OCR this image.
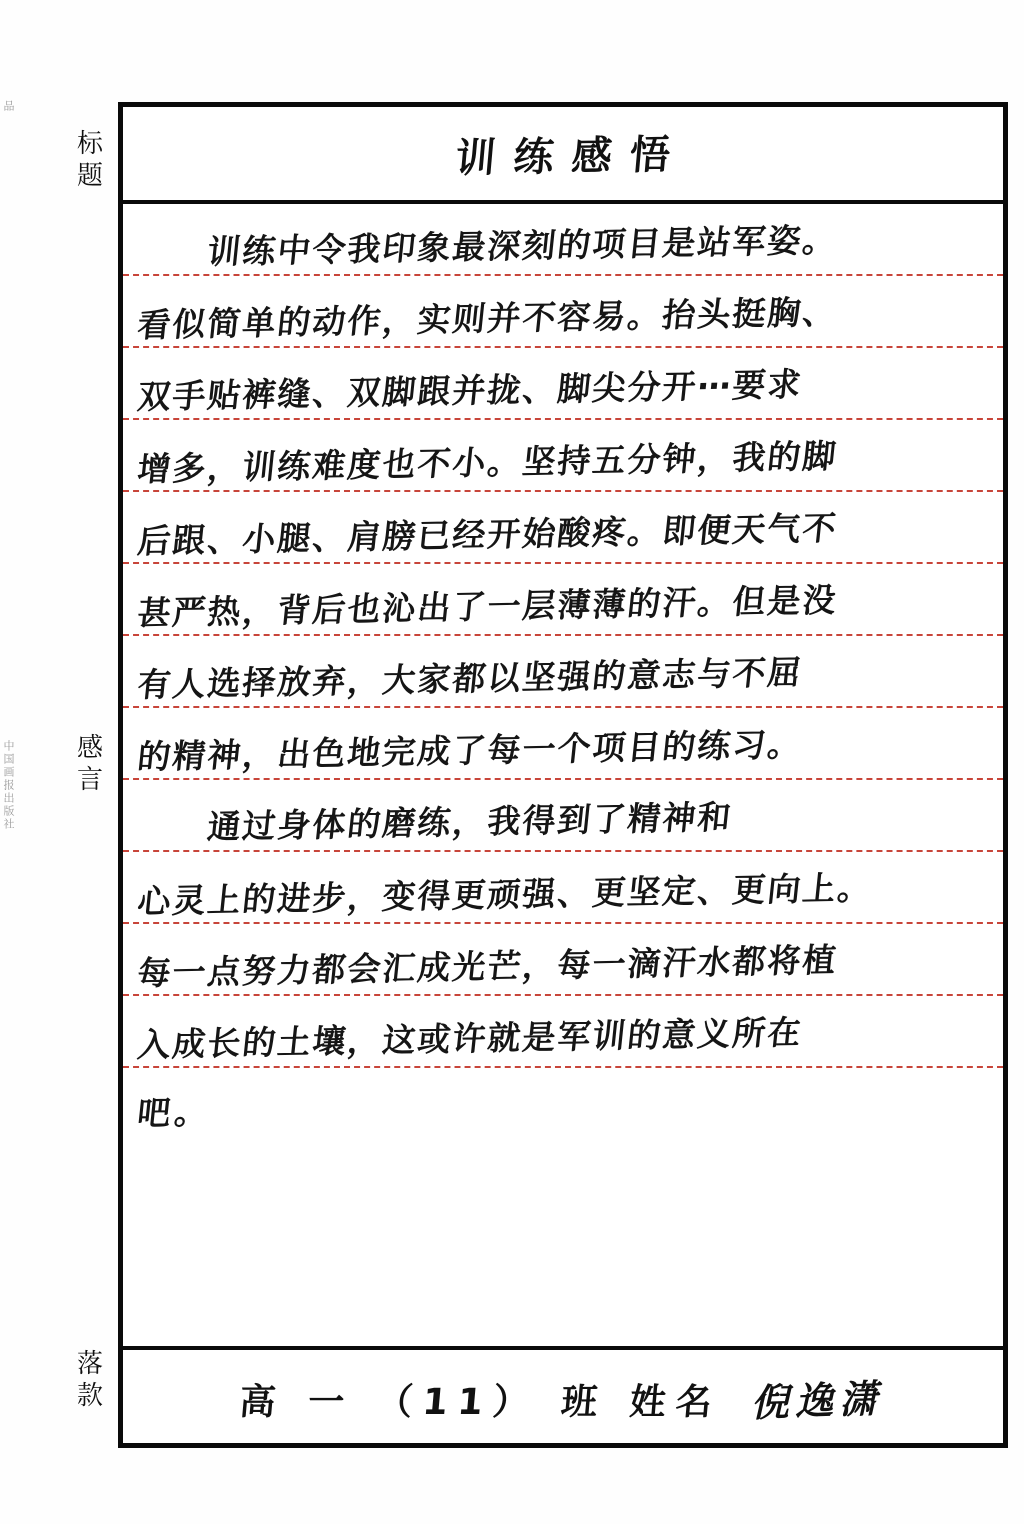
品
中国画报出版社
标
题
感
言
落
款
训练感悟
　　训练中令我印象最深刻的项目是站军姿。
看似简单的动作，实则并不容易。抬头挺胸、
双手贴裤缝、双脚跟并拢、脚尖分开⋯要求
增多，训练难度也不小。坚持五分钟，我的脚
后跟、小腿、肩膀已经开始酸疼。即便天气不
甚严热，背后也沁出了一层薄薄的汗。但是没
有人选择放弃，大家都以坚强的意志与不屈
的精神，出色地完成了每一个项目的练习。
　　通过身体的磨练，我得到了精神和
心灵上的进步，变得更顽强、更坚定、更向上。
每一点努力都会汇成光芒，每一滴汗水都将植
入成长的土壤，这或许就是军训的意义所在
吧。
高 一 （11） 班 姓名 倪逸潇
